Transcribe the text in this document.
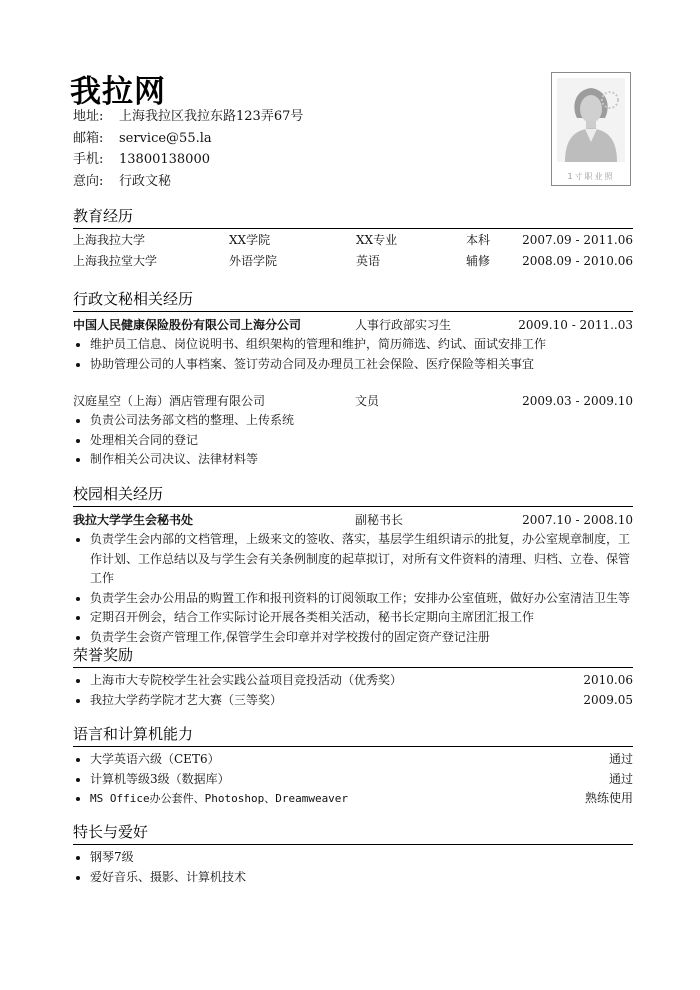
我拉网
地址: 上海我拉区我拉东路123弄67号
邮箱: service@55.la
手机: 13800138000
意向: 行政文秘	1寸职业照
教育经历
上海我拉大学	XX学院	XX专业	本科	2007.09 - 2011.06
上海我拉堂大学	外语学院	英语	辅修	2008.09 - 2010.06
行政文秘相关经历
中国人民健康保险股份有限公司上海分公司	人事行政部实习生	2009.10 - 2011..03
维护员工信息、岗位说明书、组织架构的管理和维护，简历筛选、约试、面试安排工作
协助管理公司的人事档案、签订劳动合同及办理员工社会保险、医疗保险等相关事宜
汉庭星空（上海）酒店管理有限公司	文员	2009.03 - 2009.10
负责公司法务部文档的整理、上传系统
处理相关合同的登记
制作相关公司决议、法律材料等
校园相关经历
我拉大学学生会秘书处	副秘书长	2007.10 - 2008.10
负责学生会内部的文档管理，上级来文的签收、落实，基层学生组织请示的批复，办公室规章制度，工作计划、工作总结以及与学生会有关条例制度的起草拟订，对所有文件资料的清理、归档、立卷、保管工作
负责学生会办公用品的购置工作和报刊资料的订阅领取工作；安排办公室值班，做好办公室清洁卫生等
定期召开例会，结合工作实际讨论开展各类相关活动，秘书长定期向主席团汇报工作
负责学生会资产管理工作,保管学生会印章并对学校拨付的固定资产登记注册
荣誉奖励
上海市大专院校学生社会实践公益项目竞投活动（优秀奖）	2010.06
我拉大学药学院才艺大赛（三等奖）	2009.05
语言和计算机能力
大学英语六级（CET6）	通过
计算机等级3级（数据库）	通过
MS Office办公套件、Photoshop、Dreamweaver	熟练使用
特长与爱好
钢琴7级
爱好音乐、摄影、计算机技术
